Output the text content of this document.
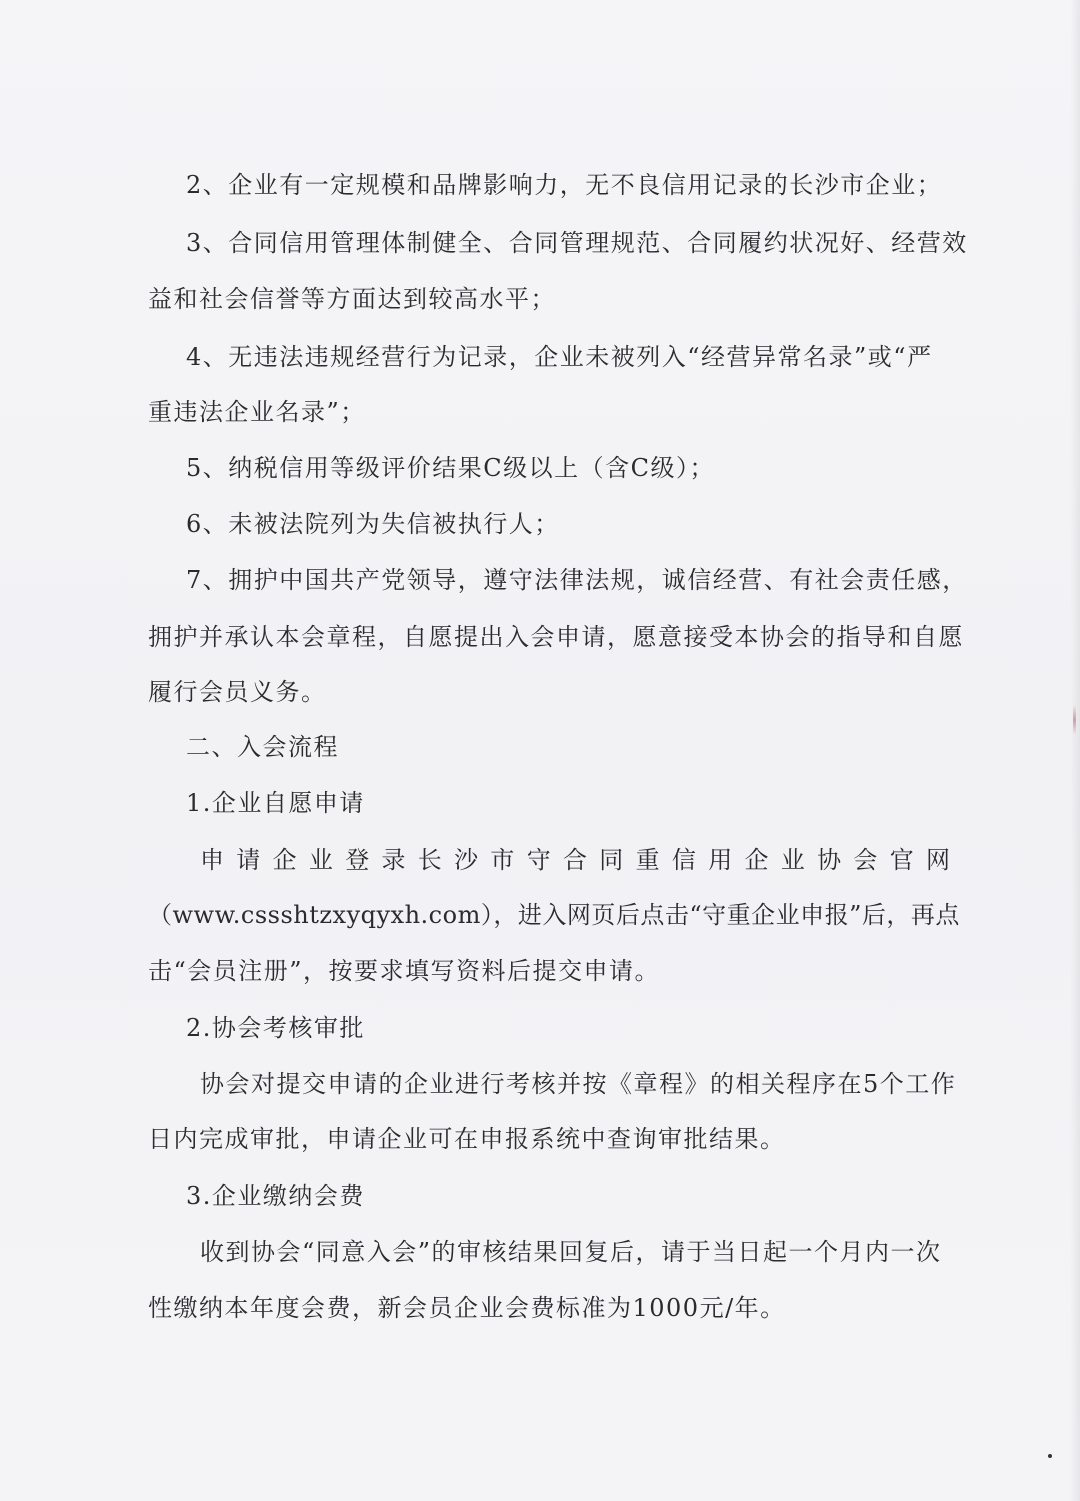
2、企业有一定规模和品牌影响力，无不良信用记录的长沙市企业；
3、合同信用管理体制健全、合同管理规范、合同履约状况好、经营效
益和社会信誉等方面达到较高水平；
4、无违法违规经营行为记录，企业未被列入“经营异常名录”或“严
重违法企业名录”；
5、纳税信用等级评价结果C级以上（含C级）；
6、未被法院列为失信被执行人；
7、拥护中国共产党领导，遵守法律法规，诚信经营、有社会责任感，
拥护并承认本会章程，自愿提出入会申请，愿意接受本协会的指导和自愿
履行会员义务。
二、入会流程
1.企业自愿申请
申请企业登录长沙市守合同重信用企业协会官网
（www.cssshtzxyqyxh.com），进入网页后点击“守重企业申报”后，再点
击“会员注册”，按要求填写资料后提交申请。
2.协会考核审批
协会对提交申请的企业进行考核并按《章程》的相关程序在5个工作
日内完成审批，申请企业可在申报系统中查询审批结果。
3.企业缴纳会费
收到协会“同意入会”的审核结果回复后，请于当日起一个月内一次
性缴纳本年度会费，新会员企业会费标准为1000元/年。
